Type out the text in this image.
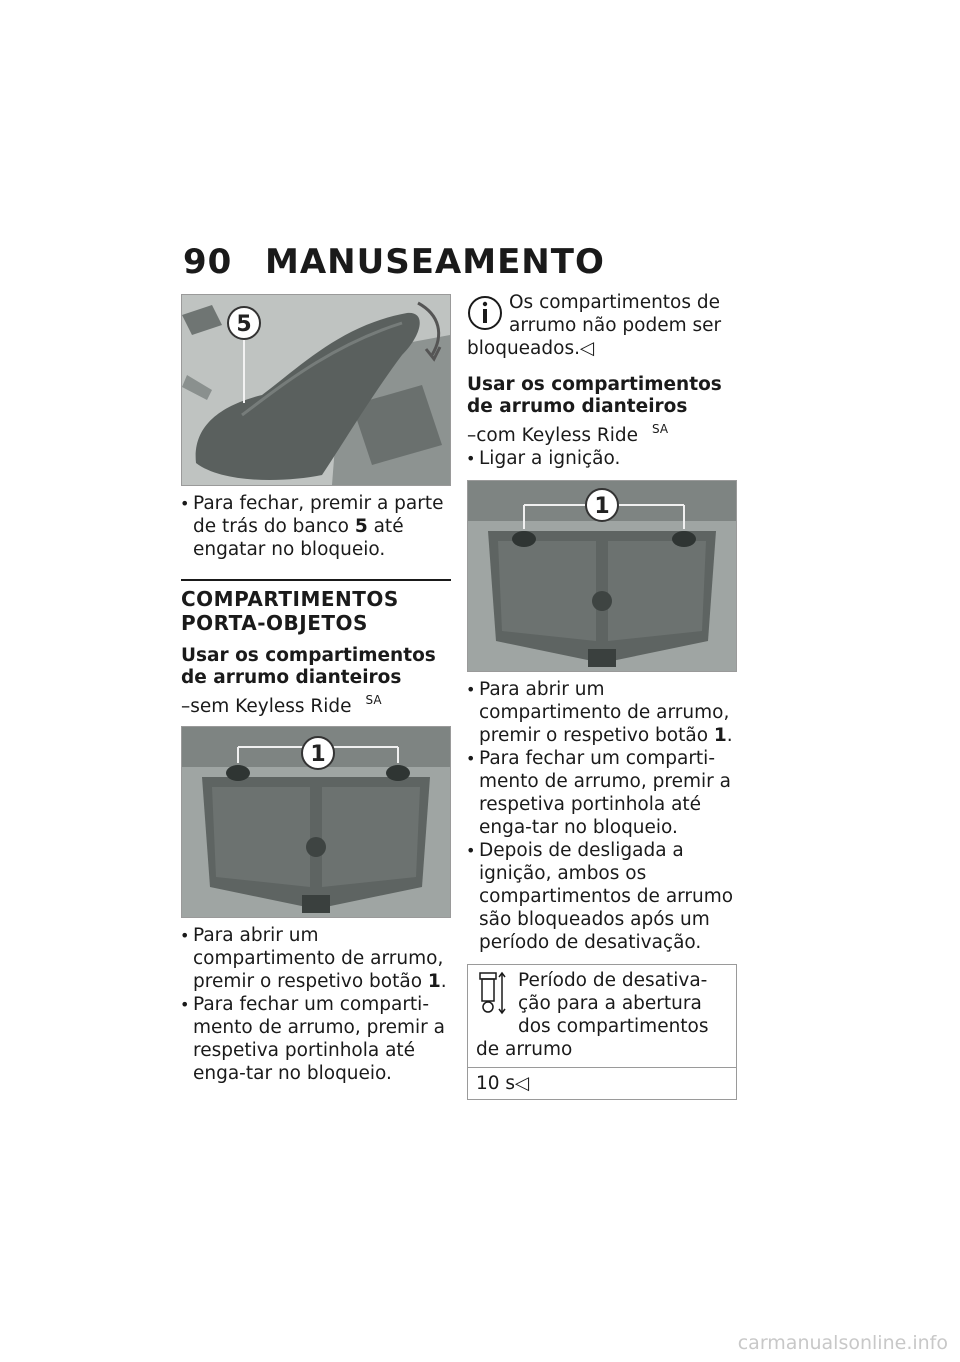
90 MANUSEAMENTO
5
• Para fechar, premir a parte de trás do banco 5 até engatar no bloqueio.
COMPARTIMENTOS PORTA-OBJETOS
Usar os compartimentos de arrumo dianteiros
–sem Keyless Ride $^{SA}$
1
• Para abrir um compartimento de arrumo, premir o respetivo botão 1.
• Para fechar um comparti-mento de arrumo, premir a respetiva portinhola até enga-tar no bloqueio.
Os compartimentos de arrumo não podem ser bloqueados.◁
Usar os compartimentos de arrumo dianteiros
–com Keyless Ride $^{SA}$
• Ligar a ignição.
1
• Para abrir um compartimento de arrumo, premir o respetivo botão 1.
• Para fechar um comparti-mento de arrumo, premir a respetiva portinhola até enga-tar no bloqueio.
• Depois de desligada a ignição, ambos os compartimentos de arrumo são bloqueados após um período de desativação.
Período de desativa-ção para a abertura dos compartimentos de arrumo
10 s◁
carmanualsonline.info
